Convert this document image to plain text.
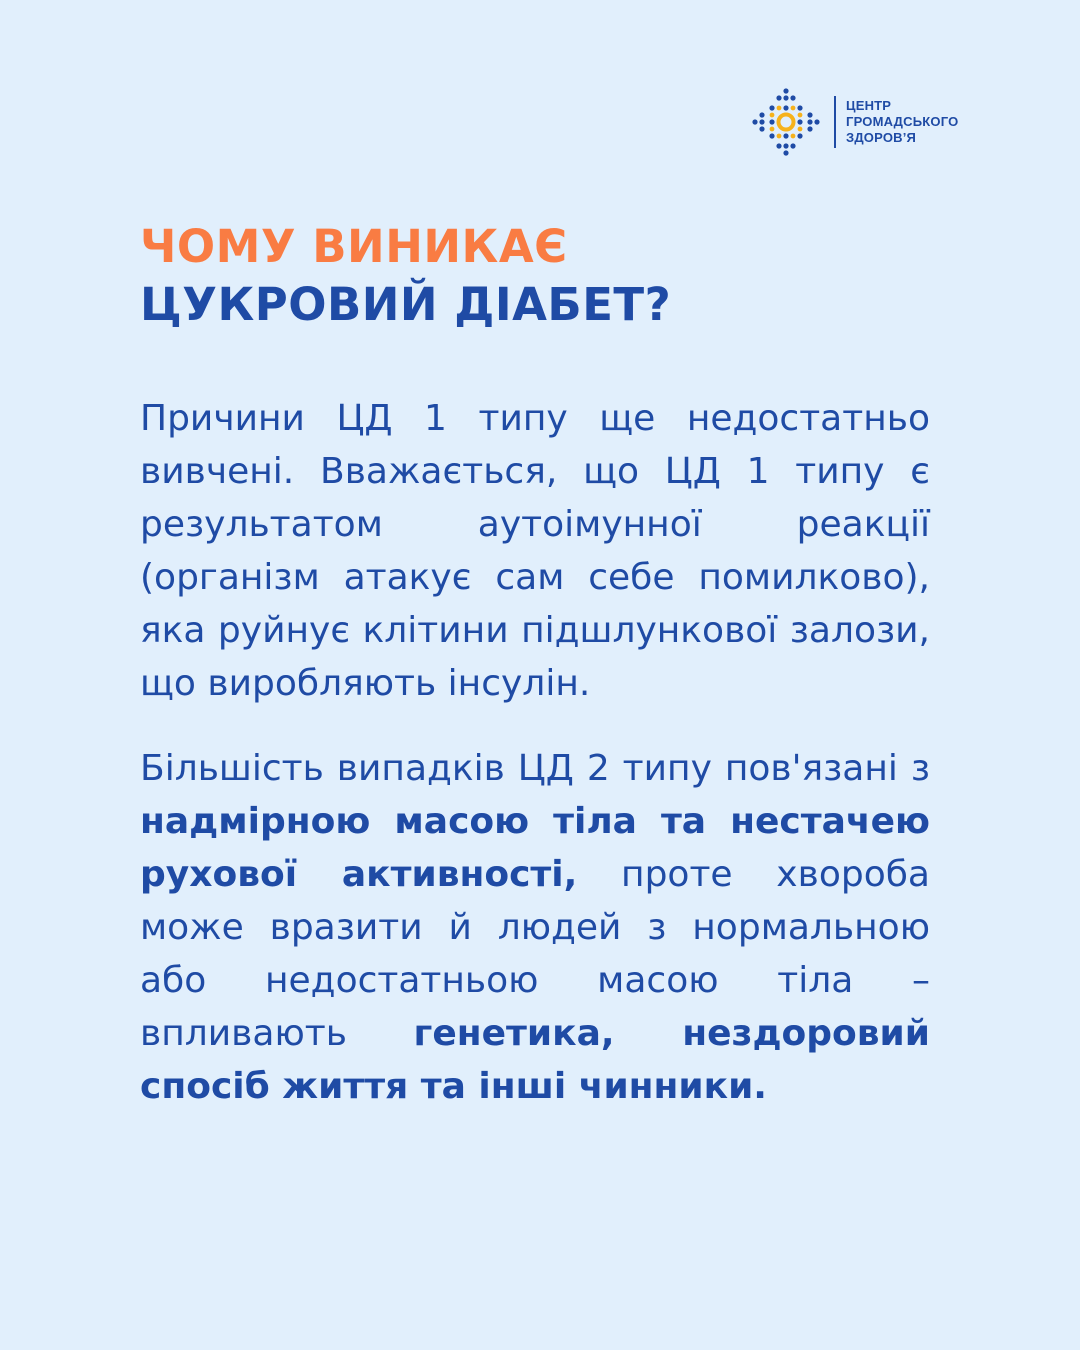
ЦЕНТР
ГРОМАДСЬКОГО
ЗДОРОВ’Я
ЧОМУ ВИНИКАЄ
ЦУКРОВИЙ ДІАБЕТ?

Причини ЦД 1 типу ще недостатньо вивчені. Вважається, що ЦД 1 типу є результатом аутоімунної реакції (організм атакує сам себе помилково), яка руйнує клітини підшлункової залози, що виробляють інсулін.

Більшість випадків ЦД 2 типу пов'язані з надмірною масою тіла та нестачею рухової активності, проте хвороба може вразити й людей з нормальною або недостатньою масою тіла – впливають генетика, нездоровий спосіб життя та інші чинники.
